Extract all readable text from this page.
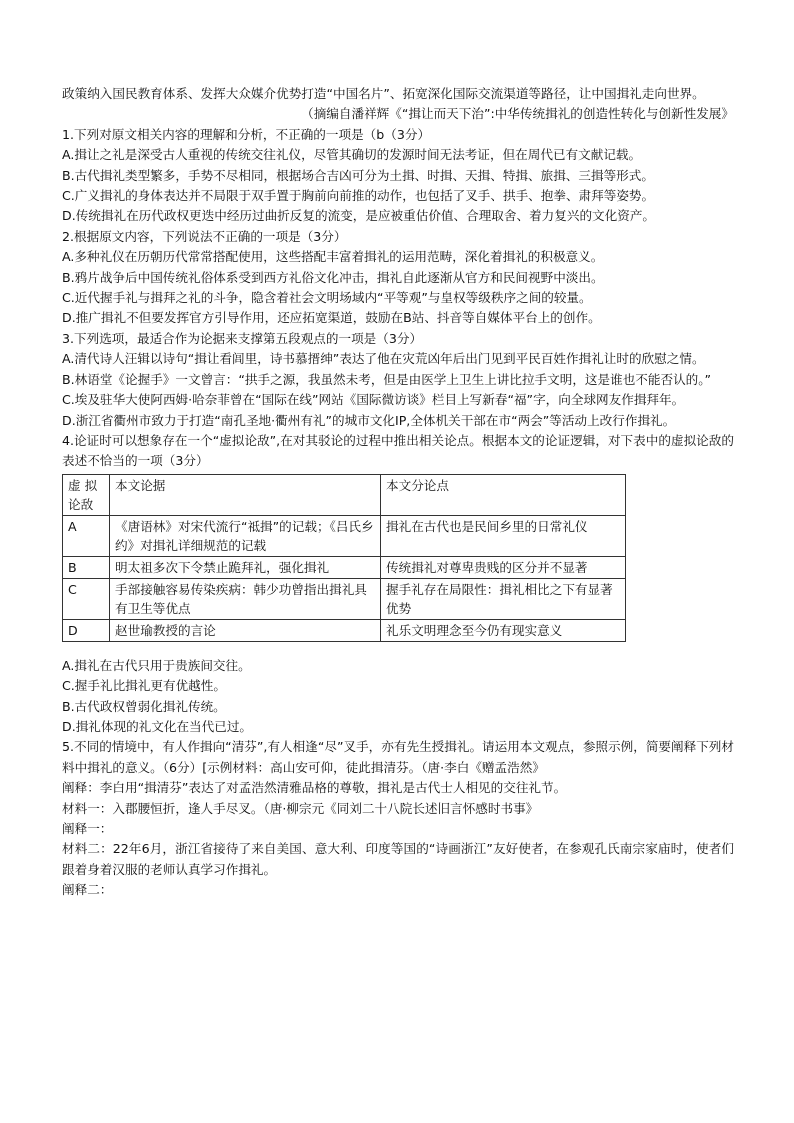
政策纳入国民教育体系、发挥大众媒介优势打造“中国名片”、拓宽深化国际交流渠道等路径，让中国揖礼走向世界。

（摘编自潘祥辉《“揖让而天下治”:中华传统揖礼的创造性转化与创新性发展》

1.下列对原文相关内容的理解和分析，不正确的一项是（b（3分）

A.揖让之礼是深受古人重视的传统交往礼仪，尽管其确切的发源时间无法考证，但在周代已有文献记载。

B.古代揖礼类型繁多，手势不尽相同，根据场合吉凶可分为土揖、时揖、天揖、特揖、旅揖、三揖等形式。

C.广义揖礼的身体表达并不局限于双手置于胸前向前推的动作，也包括了叉手、拱手、抱拳、肃拜等姿势。

D.传统揖礼在历代政权更迭中经历过曲折反复的流变，是应被重估价值、合理取舍、着力复兴的文化资产。

2.根据原文内容，下列说法不正确的一项是（3分）

A.多种礼仪在历朝历代常常搭配使用，这些搭配丰富着揖礼的运用范畴，深化着揖礼的积极意义。

B.鸦片战争后中国传统礼俗体系受到西方礼俗文化冲击，揖礼自此逐渐从官方和民间视野中淡出。

C.近代握手礼与揖拜之礼的斗争，隐含着社会文明场域内“平等观”与皇权等级秩序之间的较量。

D.推广揖礼不但要发挥官方引导作用，还应拓宽渠道，鼓励在B站、抖音等自媒体平台上的创作。

3.下列选项，最适合作为论据来支撑第五段观点的一项是（3分）

A.清代诗人汪辑以诗句“揖让看闾里，诗书慕搢绅”表达了他在灾荒凶年后出门见到平民百姓作揖礼让时的欣慰之情。

B.林语堂《论握手》一文曾言：“拱手之源，我虽然未考，但是由医学上卫生上讲比拉手文明，这是谁也不能否认的。”

C.埃及驻华大使阿西姆·哈奈菲曾在“国际在线”网站《国际微访谈》栏目上写新春“福”字，向全球网友作揖拜年。

D.浙江省衢州市致力于打造“南孔圣地·衢州有礼”的城市文化IP,全体机关干部在市“两会”等活动上改行作揖礼。

4.论证时可以想象存在一个“虚拟论敌”,在对其驳论的过程中推出相关论点。根据本文的论证逻辑，对下表中的虚拟论敌的表述不恰当的一项（3分）

虚 拟 论敌	本文论据	本文分论点
A	《唐语林》对宋代流行“祗揖”的记载；《吕氏乡约》对揖礼详细规范的记载	揖礼在古代也是民间乡里的日常礼仪
B	明太祖多次下令禁止跪拜礼，强化揖礼	传统揖礼对尊卑贵贱的区分并不显著
C	手部接触容易传染疾病：韩少功曾指出揖礼具有卫生等优点	握手礼存在局限性：揖礼相比之下有显著优势
D	赵世瑜教授的言论	礼乐文明理念至今仍有现实意义

A.揖礼在古代只用于贵族间交往。

C.握手礼比揖礼更有优越性。

B.古代政权曾弱化揖礼传统。

D.揖礼体现的礼文化在当代已过。

5.不同的情境中，有人作揖向“清芬”,有人相逢“尽”叉手，亦有先生授揖礼。请运用本文观点，参照示例，简要阐释下列材料中揖礼的意义。（6分）[示例材料：高山安可仰，徒此揖清芬。（唐·李白《赠孟浩然》

阐释：李白用“揖清芬”表达了对孟浩然清雅品格的尊敬，揖礼是古代士人相见的交往礼节。

材料一：入郡腰恒折，逢人手尽叉。（唐·柳宗元《同刘二十八院长述旧言怀感时书事》

阐释一：

材料二：22年6月，浙江省接待了来自美国、意大利、印度等国的“诗画浙江”友好使者，在参观孔氏南宗家庙时，使者们跟着身着汉服的老师认真学习作揖礼。

阐释二：
